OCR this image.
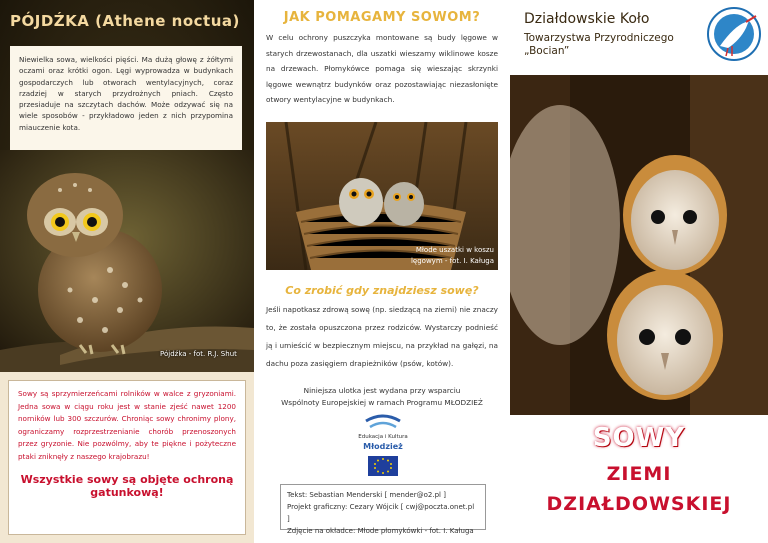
PÓJDŹKA (Athene noctua)
Niewielka sowa, wielkości pięści. Ma dużą głowę z żółtymi oczami oraz krótki ogon. Lęgi wyprowadza w budynkach gospodarczych lub otworach wentylacyjnych, coraz rzadziej w starych przydrożnych pniach. Często przesiaduje na szczytach dachów. Może odzywać się na wiele sposobów - przykładowo jeden z nich przypomina miauczenie kota.
Pójdźka - fot. R.J. Shut
Sowy są sprzymierzeńcami rolników w walce z gryzoniami. Jedna sowa w ciągu roku jest w stanie zjeść nawet 1200 norników lub 300 szczurów. Chroniąc sowy chronimy plony, ograniczamy rozprzestrzenianie chorób przenoszonych przez gryzonie. Nie pozwólmy, aby te piękne i pożyteczne ptaki zniknęły z naszego krajobrazu!
Wszystkie sowy są objęte ochroną gatunkową!
JAK POMAGAMY SOWOM?
W celu ochrony puszczyka montowane są budy lęgowe w starych drzewostanach, dla uszatki wieszamy wiklinowe kosze na drzewach. Płomykówce pomaga się wieszając skrzynki lęgowe wewnątrz budynków oraz pozostawiając niezasłonięte otwory wentylacyjne w budynkach.
Młode uszatki w koszu
lęgowym - fot. I. Kaługa
Co zrobić gdy znajdziesz sowę?
Jeśli napotkasz zdrową sowę (np. siedzącą na ziemi) nie znaczy to, że została opuszczona przez rodziców. Wystarczy podnieść ją i umieścić w bezpiecznym miejscu, na przykład na gałęzi, na dachu poza zasięgiem drapieżników (psów, kotów).
Niniejsza ulotka jest wydana przy wsparciu
Wspólnoty Europejskiej w ramach Programu MŁODZIEŻ
Edukacja i Kultura
Młodzież
Tekst: Sebastian Menderski [ mender@o2.pl ]
Projekt graficzny: Cezary Wójcik [ cwj@poczta.onet.pl ]
Zdjęcie na okładce: Młode płomykówki - fot. I. Kaługa
Działdowskie Koło
Towarzystwa Przyrodniczego
„Bocian”
SOWY
ZIEMI
DZIAŁDOWSKIEJ
